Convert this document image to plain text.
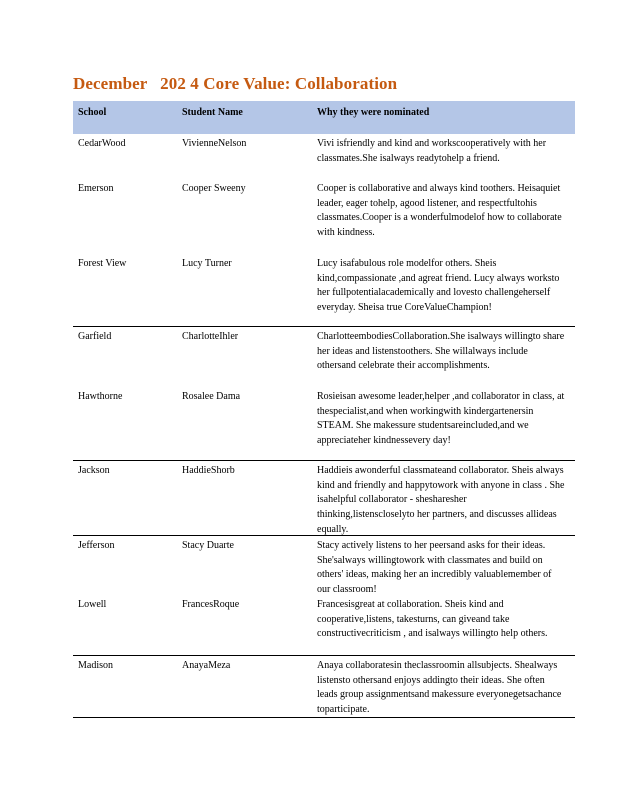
December   202 4 Core Value: Collaboration
School	Student Name	Why they were nominated
CedarWood	VivienneNelson	Vivi isfriendly and kind and workscooperatively with her classmates.She isalways readytohelp a friend.
Emerson	Cooper Sweeny	Cooper is collaborative and always kind toothers. Heisaquiet leader, eager tohelp, agood listener, and respectfultohis classmates.Cooper is a wonderfulmodelof how to collaborate with kindness.
Forest View	Lucy Turner	Lucy isafabulous role modelfor others. Sheis kind,compassionate ,and agreat friend. Lucy always worksto her fullpotentialacademically and lovesto challengeherself everyday. Sheisa true CoreValueChampion!
Garfield	CharlotteIhler	CharlotteembodiesCollaboration.She isalways willingto share her ideas and listenstoothers. She willalways include othersand celebrate their accomplishments.
Hawthorne	Rosalee Dama	Rosieisan awesome leader,helper ,and collaborator in class, at thespecialist,and when workingwith kindergartenersin STEAM. She makessure studentsareincluded,and we appreciateher kindnessevery day!
Jackson	HaddieShorb	Haddieis awonderful classmateand collaborator. Sheis always kind and friendly and happytowork with anyone in class . She isahelpful collaborator - shesharesher thinking,listenscloselyto her partners, and discusses allideas equally.
Jefferson	Stacy Duarte	Stacy actively listens to her peersand asks for their ideas. She'salways willingtowork with classmates and build on others' ideas, making her an incredibly valuablemember of our classroom!
Lowell	FrancesRoque	Francesisgreat at collaboration. Sheis kind and cooperative,listens, takesturns, can giveand take constructivecriticism , and isalways willingto help others.
Madison	AnayaMeza	Anaya collaboratesin theclassroomin allsubjects. Shealways listensto othersand enjoys addingto their ideas. She often leads group assignmentsand makessure everyonegetsachance toparticipate.
